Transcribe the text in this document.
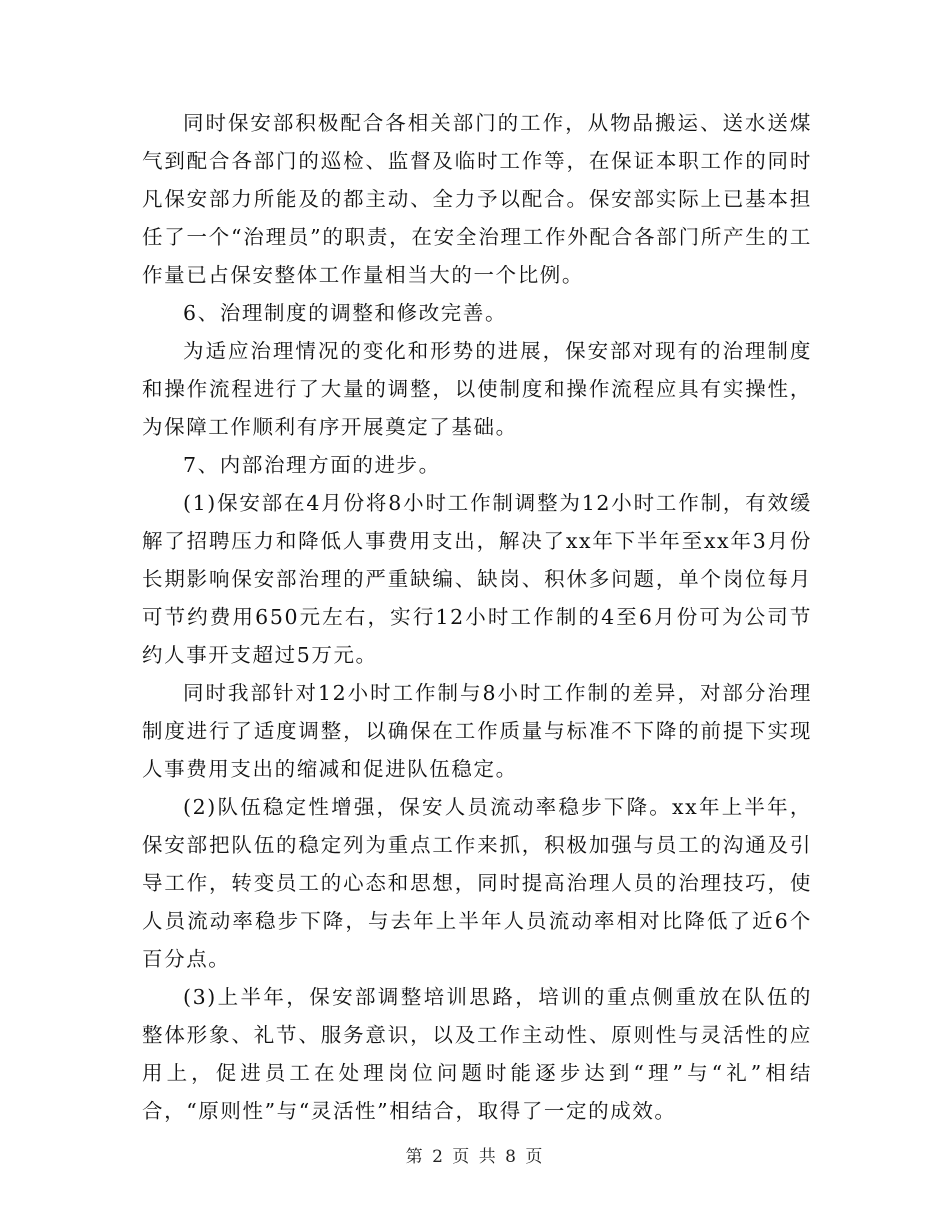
同时保安部积极配合各相关部门的工作，从物品搬运、送水送煤气到配合各部门的巡检、监督及临时工作等，在保证本职工作的同时凡保安部力所能及的都主动、全力予以配合。保安部实际上已基本担任了一个“治理员”的职责，在安全治理工作外配合各部门所产生的工作量已占保安整体工作量相当大的一个比例。

6、治理制度的调整和修改完善。

为适应治理情况的变化和形势的进展，保安部对现有的治理制度和操作流程进行了大量的调整，以使制度和操作流程应具有实操性，为保障工作顺利有序开展奠定了基础。

7、内部治理方面的进步。

(1)保安部在4月份将8小时工作制调整为12小时工作制，有效缓解了招聘压力和降低人事费用支出，解决了xx年下半年至xx年3月份长期影响保安部治理的严重缺编、缺岗、积休多问题，单个岗位每月可节约费用650元左右，实行12小时工作制的4至6月份可为公司节约人事开支超过5万元。

同时我部针对12小时工作制与8小时工作制的差异，对部分治理制度进行了适度调整，以确保在工作质量与标准不下降的前提下实现人事费用支出的缩减和促进队伍稳定。

(2)队伍稳定性增强，保安人员流动率稳步下降。xx年上半年，保安部把队伍的稳定列为重点工作来抓，积极加强与员工的沟通及引导工作，转变员工的心态和思想，同时提高治理人员的治理技巧，使人员流动率稳步下降，与去年上半年人员流动率相对比降低了近6个百分点。

(3)上半年，保安部调整培训思路，培训的重点侧重放在队伍的整体形象、礼节、服务意识，以及工作主动性、原则性与灵活性的应用上，促进员工在处理岗位问题时能逐步达到“理”与“礼”相结合，“原则性”与“灵活性”相结合，取得了一定的成效。

第 2 页 共 8 页
